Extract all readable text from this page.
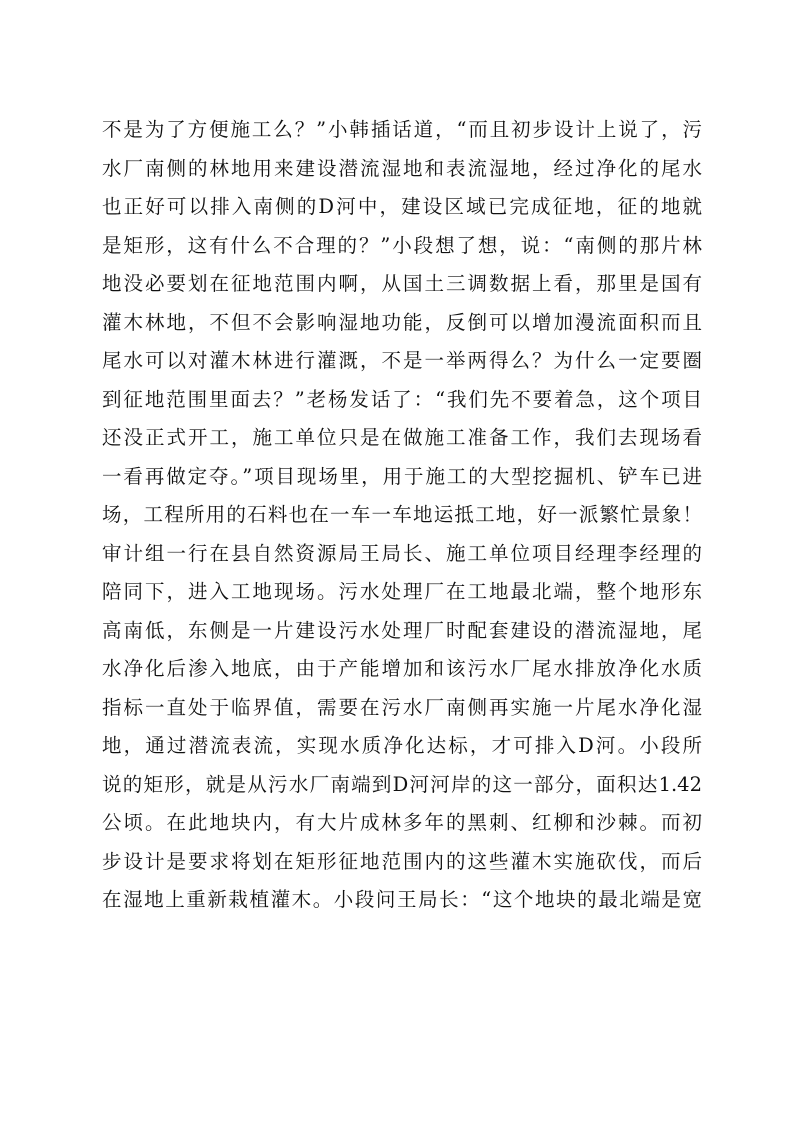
不是为了方便施工么？”小韩插话道，“而且初步设计上说了，污
水厂南侧的林地用来建设潜流湿地和表流湿地，经过净化的尾水
也正好可以排入南侧的D河中，建设区域已完成征地，征的地就
是矩形，这有什么不合理的？”小段想了想，说：“南侧的那片林
地没必要划在征地范围内啊，从国土三调数据上看，那里是国有
灌木林地，不但不会影响湿地功能，反倒可以增加漫流面积而且
尾水可以对灌木林进行灌溉，不是一举两得么？为什么一定要圈
到征地范围里面去？”老杨发话了：“我们先不要着急，这个项目
还没正式开工，施工单位只是在做施工准备工作，我们去现场看
一看再做定夺。”项目现场里，用于施工的大型挖掘机、铲车已进
场，工程所用的石料也在一车一车地运抵工地，好一派繁忙景象！
审计组一行在县自然资源局王局长、施工单位项目经理李经理的
陪同下，进入工地现场。污水处理厂在工地最北端，整个地形东
高南低，东侧是一片建设污水处理厂时配套建设的潜流湿地，尾
水净化后渗入地底，由于产能增加和该污水厂尾水排放净化水质
指标一直处于临界值，需要在污水厂南侧再实施一片尾水净化湿
地，通过潜流表流，实现水质净化达标，才可排入D河。小段所
说的矩形，就是从污水厂南端到D河河岸的这一部分，面积达1.42
公顷。在此地块内，有大片成林多年的黑刺、红柳和沙棘。而初
步设计是要求将划在矩形征地范围内的这些灌木实施砍伐，而后
在湿地上重新栽植灌木。小段问王局长：“这个地块的最北端是宽
